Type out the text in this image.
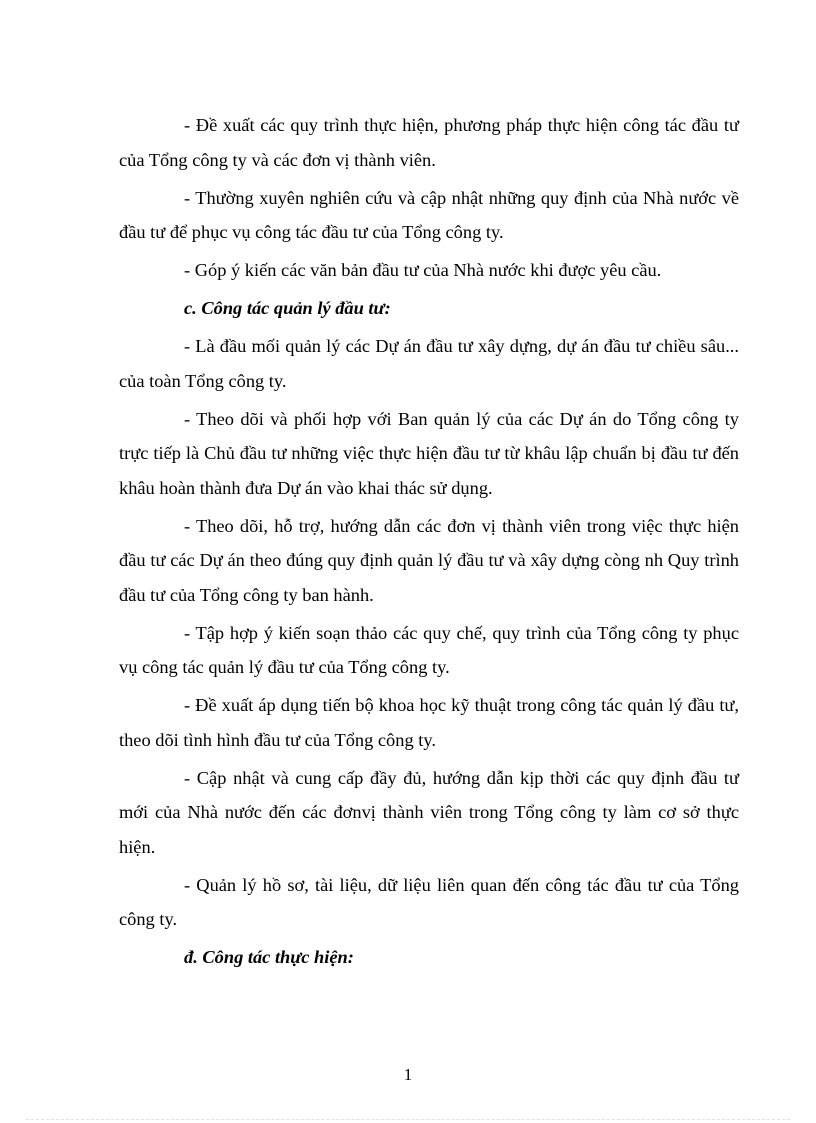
- Đề xuất các quy trình thực hiện, phương pháp thực hiện công tác đầu tư của Tổng công ty và các đơn vị thành viên.

- Thường xuyên nghiên cứu và cập nhật những quy định của Nhà nước về đầu tư để phục vụ công tác đầu tư của Tổng công ty.

- Góp ý kiến các văn bản đầu tư của Nhà nước khi được yêu cầu.

c. Công tác quản lý đầu tư:

- Là đầu mối quản lý các Dự án đầu tư xây dựng, dự án đầu tư chiều sâu... của toàn Tổng công ty.

- Theo dõi và phối hợp với Ban quản lý của các Dự án do Tổng công ty trực tiếp là Chủ đầu tư những việc thực hiện đầu tư từ khâu lập chuẩn bị đầu tư đến khâu hoàn thành đưa Dự án vào khai thác sử dụng.

- Theo dõi, hỗ trợ, hướng dẫn các đơn vị thành viên trong việc thực hiện đầu tư các Dự án theo đúng quy định quản lý đầu tư và xây dựng còng nh Quy trình đầu tư của Tổng công ty ban hành.

- Tập hợp ý kiến soạn thảo các quy chế, quy trình của Tổng công ty phục vụ công tác quản lý đầu tư của Tổng công ty.

- Đề xuất áp dụng tiến bộ khoa học kỹ thuật trong công tác quản lý đầu tư, theo dõi tình hình đầu tư của Tổng công ty.

- Cập nhật và cung cấp đầy đủ, hướng dẫn kịp thời các quy định đầu tư mới của Nhà nước đến các đơnvị thành viên trong Tổng công ty làm cơ sở thực hiện.

- Quản lý hồ sơ, tài liệu, dữ liệu liên quan đến công tác đầu tư của Tổng công ty.

đ. Công tác thực hiện:

1
